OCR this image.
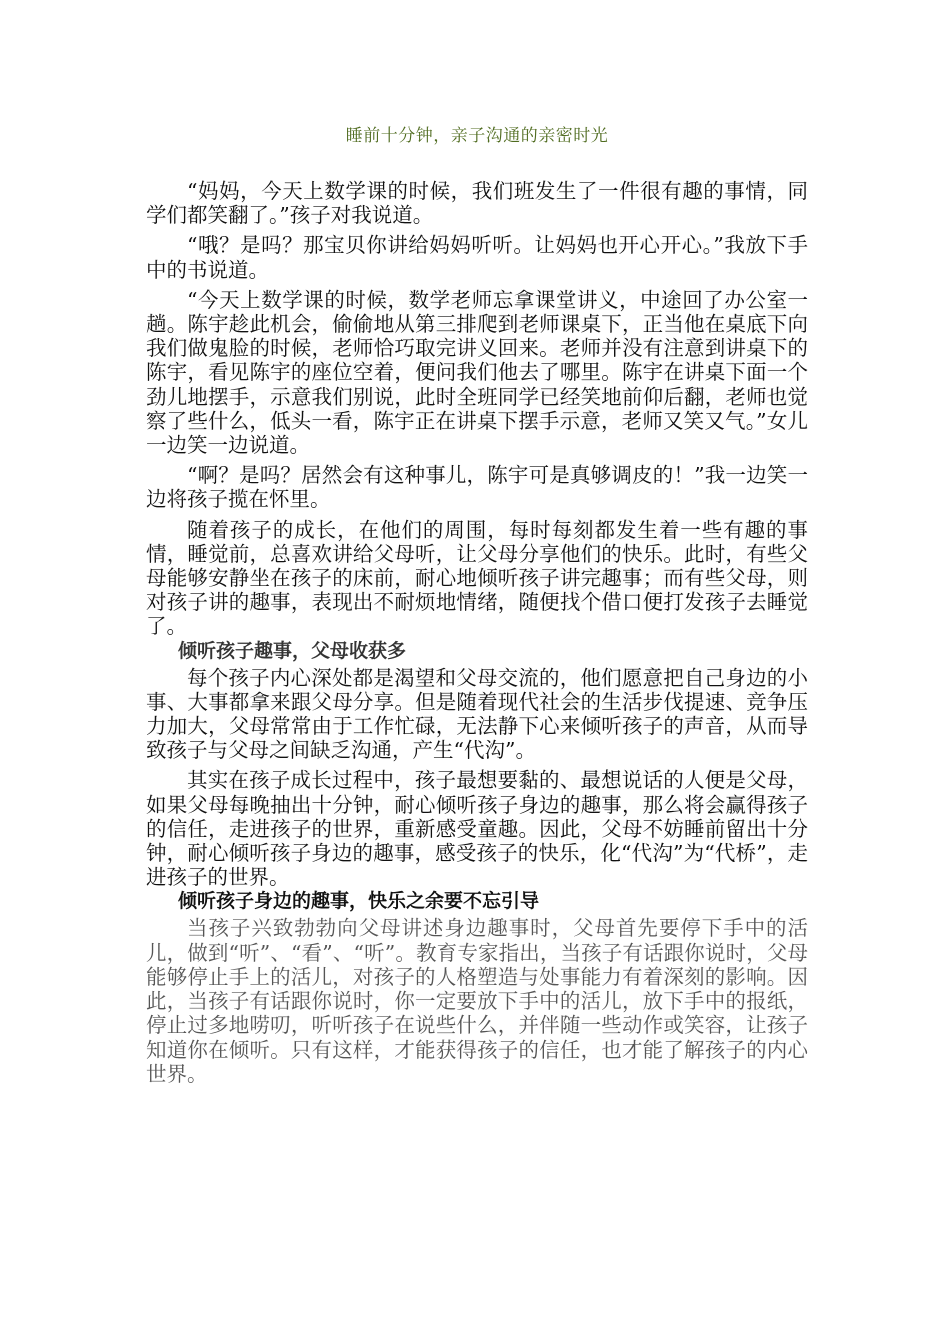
睡前十分钟，亲子沟通的亲密时光

“妈妈，今天上数学课的时候，我们班发生了一件很有趣的事情，同学们都笑翻了。”孩子对我说道。

“哦？是吗？那宝贝你讲给妈妈听听。让妈妈也开心开心。”我放下手中的书说道。

“今天上数学课的时候，数学老师忘拿课堂讲义，中途回了办公室一趟。陈宇趁此机会，偷偷地从第三排爬到老师课桌下，正当他在桌底下向我们做鬼脸的时候，老师恰巧取完讲义回来。老师并没有注意到讲桌下的陈宇，看见陈宇的座位空着，便问我们他去了哪里。陈宇在讲桌下面一个劲儿地摆手，示意我们别说，此时全班同学已经笑地前仰后翻，老师也觉察了些什么，低头一看，陈宇正在讲桌下摆手示意，老师又笑又气。”女儿一边笑一边说道。

“啊？是吗？居然会有这种事儿，陈宇可是真够调皮的！”我一边笑一边将孩子揽在怀里。

随着孩子的成长，在他们的周围，每时每刻都发生着一些有趣的事情，睡觉前，总喜欢讲给父母听，让父母分享他们的快乐。此时，有些父母能够安静坐在孩子的床前，耐心地倾听孩子讲完趣事；而有些父母，则对孩子讲的趣事，表现出不耐烦地情绪，随便找个借口便打发孩子去睡觉了。

倾听孩子趣事，父母收获多

每个孩子内心深处都是渴望和父母交流的，他们愿意把自己身边的小事、大事都拿来跟父母分享。但是随着现代社会的生活步伐提速、竞争压力加大，父母常常由于工作忙碌，无法静下心来倾听孩子的声音，从而导致孩子与父母之间缺乏沟通，产生“代沟”。

其实在孩子成长过程中，孩子最想要黏的、最想说话的人便是父母，如果父母每晚抽出十分钟，耐心倾听孩子身边的趣事，那么将会赢得孩子的信任，走进孩子的世界，重新感受童趣。因此，父母不妨睡前留出十分钟，耐心倾听孩子身边的趣事，感受孩子的快乐，化“代沟”为“代桥”，走进孩子的世界。

倾听孩子身边的趣事，快乐之余要不忘引导

当孩子兴致勃勃向父母讲述身边趣事时，父母首先要停下手中的活儿，做到“听”、“看”、“听”。教育专家指出，当孩子有话跟你说时，父母能够停止手上的活儿，对孩子的人格塑造与处事能力有着深刻的影响。因此，当孩子有话跟你说时，你一定要放下手中的活儿，放下手中的报纸，停止过多地唠叨，听听孩子在说些什么，并伴随一些动作或笑容，让孩子知道你在倾听。只有这样，才能获得孩子的信任，也才能了解孩子的内心世界。
